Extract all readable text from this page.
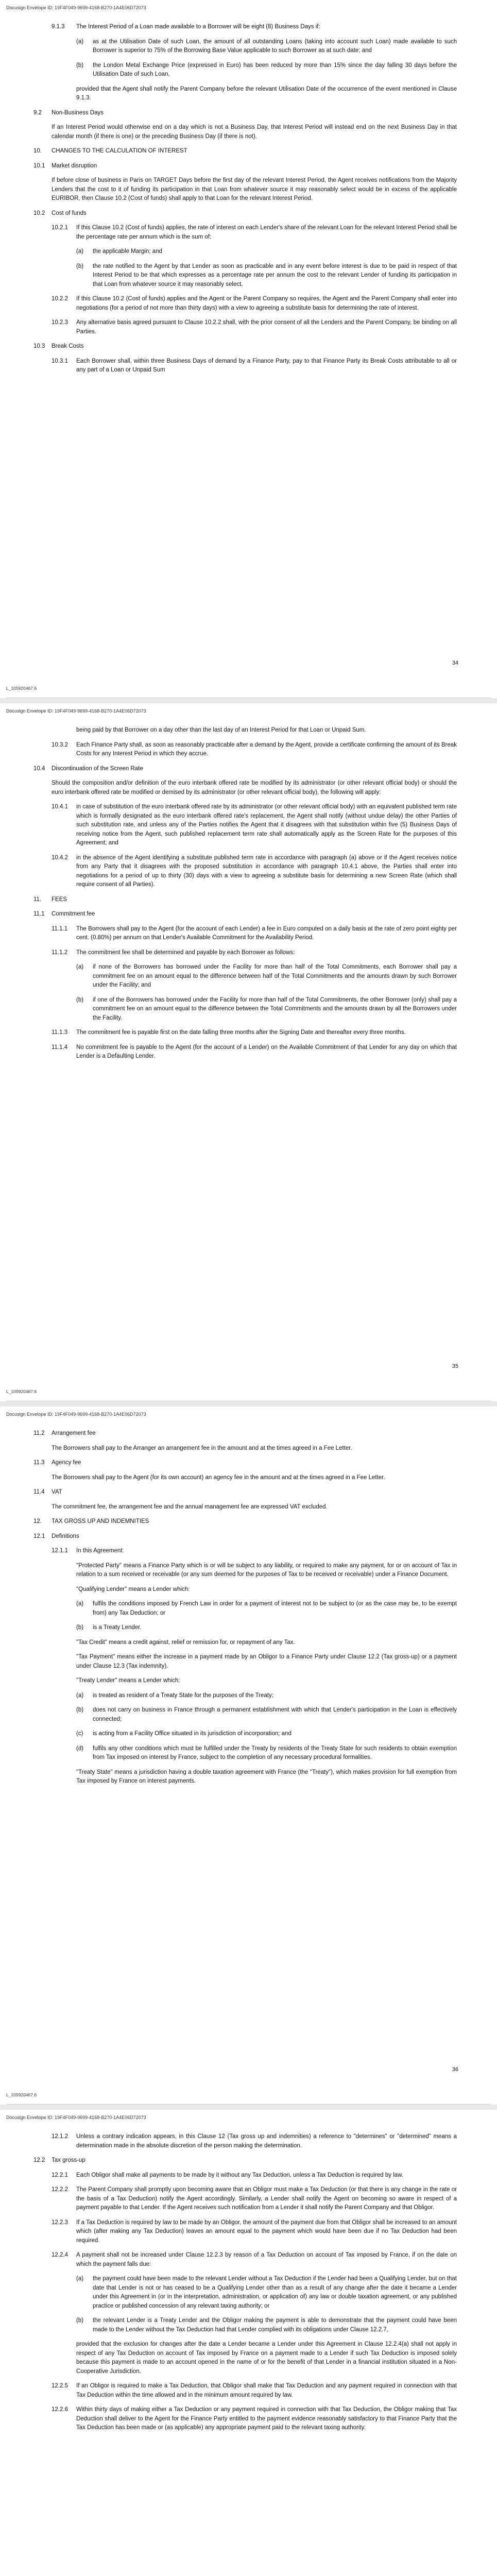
Docusign Envelope ID: 19F4F049-9699-4168-B270-1A4E06D72073
9.1.3 The Interest Period of a Loan made available to a Borrower will be eight (8) Business Days if:
(a) as at the Utilisation Date of such Loan, the amount of all outstanding Loans (taking into account such Loan) made available to such Borrower is superior to 75% of the Borrowing Base Value applicable to such Borrower as at such date; and
(b) the London Metal Exchange Price (expressed in Euro) has been reduced by more than 15% since the day falling 30 days before the Utilisation Date of such Loan,
provided that the Agent shall notify the Parent Company before the relevant Utilisation Date of the occurrence of the event mentioned in Clause 9.1.3.
9.2 Non-Business Days
If an Interest Period would otherwise end on a day which is not a Business Day, that Interest Period will instead end on the next Business Day in that calendar month (if there is one) or the preceding Business Day (if there is not).
10. CHANGES TO THE CALCULATION OF INTEREST
10.1 Market disruption
If before close of business in Paris on TARGET Days before the first day of the relevant Interest Period, the Agent receives notifications from the Majority Lenders that the cost to it of funding its participation in that Loan from whatever source it may reasonably select would be in excess of the applicable EURIBOR, then Clause 10.2 (Cost of funds) shall apply to that Loan for the relevant Interest Period.
10.2 Cost of funds
10.2.1 If this Clause 10.2 (Cost of funds) applies, the rate of interest on each Lender's share of the relevant Loan for the relevant Interest Period shall be the percentage rate per annum which is the sum of:
(a) the applicable Margin; and
(b) the rate notified to the Agent by that Lender as soon as practicable and in any event before interest is due to be paid in respect of that Interest Period to be that which expresses as a percentage rate per annum the cost to the relevant Lender of funding its participation in that Loan from whatever source it may reasonably select.
10.2.2 If this Clause 10.2 (Cost of funds) applies and the Agent or the Parent Company so requires, the Agent and the Parent Company shall enter into negotiations (for a period of not more than thirty days) with a view to agreeing a substitute basis for determining the rate of interest.
10.2.3 Any alternative basis agreed pursuant to Clause 10.2.2 shall, with the prior consent of all the Lenders and the Parent Company, be binding on all Parties.
10.3 Break Costs
10.3.1 Each Borrower shall, within three Business Days of demand by a Finance Party, pay to that Finance Party its Break Costs attributable to all or any part of a Loan or Unpaid Sum
34
L_105920467.6
Docusign Envelope ID: 19F4F049-9699-4168-B270-1A4E06D72073
being paid by that Borrower on a day other than the last day of an Interest Period for that Loan or Unpaid Sum.
10.3.2 Each Finance Party shall, as soon as reasonably practicable after a demand by the Agent, provide a certificate confirming the amount of its Break Costs for any Interest Period in which they accrue.
10.4 Discontinuation of the Screen Rate
Should the composition and/or definition of the euro interbank offered rate be modified by its administrator (or other relevant official body) or should the euro interbank offered rate be modified or demised by its administrator (or other relevant official body), the following will apply:
10.4.1 in case of substitution of the euro interbank offered rate by its administrator (or other relevant official body) with an equivalent published term rate which is formally designated as the euro interbank offered rate's replacement, the Agent shall notify (without undue delay) the other Parties of such substitution rate, and unless any of the Parties notifies the Agent that it disagrees with that substitution within five (5) Business Days of receiving notice from the Agent, such published replacement term rate shall automatically apply as the Screen Rate for the purposes of this Agreement; and
10.4.2 in the absence of the Agent identifying a substitute published term rate in accordance with paragraph (a) above or if the Agent receives notice from any Party that it disagrees with the proposed substitution in accordance with paragraph 10.4.1 above, the Parties shall enter into negotiations for a period of up to thirty (30) days with a view to agreeing a substitute basis for determining a new Screen Rate (which shall require consent of all Parties).
11. FEES
11.1 Commitment fee
11.1.1 The Borrowers shall pay to the Agent (for the account of each Lender) a fee in Euro computed on a daily basis at the rate of zero point eighty per cent. (0.80%) per annum on that Lender's Available Commitment for the Availability Period.
11.1.2 The commitment fee shall be determined and payable by each Borrower as follows:
(a) if none of the Borrowers has borrowed under the Facility for more than half of the Total Commitments, each Borrower shall pay a commitment fee on an amount equal to the difference between half of the Total Commitments and the amounts drawn by such Borrower under the Facility; and
(b) if one of the Borrowers has borrowed under the Facility for more than half of the Total Commitments, the other Borrower (only) shall pay a commitment fee on an amount equal to the difference between the Total Commitments and the amounts drawn by all the Borrowers under the Facility.
11.1.3 The commitment fee is payable first on the date falling three months after the Signing Date and thereafter every three months.
11.1.4 No commitment fee is payable to the Agent (for the account of a Lender) on the Available Commitment of that Lender for any day on which that Lender is a Defaulting Lender.
35
L_105920467.6
Docusign Envelope ID: 19F4F049-9699-4168-B270-1A4E06D72073
11.2 Arrangement fee
The Borrowers shall pay to the Arranger an arrangement fee in the amount and at the times agreed in a Fee Letter.
11.3 Agency fee
The Borrowers shall pay to the Agent (for its own account) an agency fee in the amount and at the times agreed in a Fee Letter.
11.4 VAT
The commitment fee, the arrangement fee and the annual management fee are expressed VAT excluded.
12. TAX GROSS UP AND INDEMNITIES
12.1 Definitions
12.1.1 In this Agreement:
"Protected Party" means a Finance Party which is or will be subject to any liability, or required to make any payment, for or on account of Tax in relation to a sum received or receivable (or any sum deemed for the purposes of Tax to be received or receivable) under a Finance Document.
"Qualifying Lender" means a Lender which:
(a) fulfils the conditions imposed by French Law in order for a payment of interest not to be subject to (or as the case may be, to be exempt from) any Tax Deduction; or
(b) is a Treaty Lender.
"Tax Credit" means a credit against, relief or remission for, or repayment of any Tax.
"Tax Payment" means either the increase in a payment made by an Obligor to a Finance Party under Clause 12.2 (Tax gross-up) or a payment under Clause 12.3 (Tax indemnity).
"Treaty Lender" means a Lender which:
(a) is treated as resident of a Treaty State for the purposes of the Treaty;
(b) does not carry on business in France through a permanent establishment with which that Lender's participation in the Loan is effectively connected;
(c) is acting from a Facility Office situated in its jurisdiction of incorporation; and
(d) fulfils any other conditions which must be fulfilled under the Treaty by residents of the Treaty State for such residents to obtain exemption from Tax imposed on interest by France, subject to the completion of any necessary procedural formalities.
"Treaty State" means a jurisdiction having a double taxation agreement with France (the "Treaty"), which makes provision for full exemption from Tax imposed by France on interest payments.
36
L_105920467.6
Docusign Envelope ID: 19F4F049-9699-4168-B270-1A4E06D72073
12.1.2 Unless a contrary indication appears, in this Clause 12 (Tax gross up and indemnities) a reference to "determines" or "determined" means a determination made in the absolute discretion of the person making the determination.
12.2 Tax gross-up
12.2.1 Each Obligor shall make all payments to be made by it without any Tax Deduction, unless a Tax Deduction is required by law.
12.2.2 The Parent Company shall promptly upon becoming aware that an Obligor must make a Tax Deduction (or that there is any change in the rate or the basis of a Tax Deduction) notify the Agent accordingly. Similarly, a Lender shall notify the Agent on becoming so aware in respect of a payment payable to that Lender. If the Agent receives such notification from a Lender it shall notify the Parent Company and that Obligor.
12.2.3 If a Tax Deduction is required by law to be made by an Obligor, the amount of the payment due from that Obligor shall be increased to an amount which (after making any Tax Deduction) leaves an amount equal to the payment which would have been due if no Tax Deduction had been required.
12.2.4 A payment shall not be increased under Clause 12.2.3 by reason of a Tax Deduction on account of Tax imposed by France, if on the date on which the payment falls due:
(a) the payment could have been made to the relevant Lender without a Tax Deduction if the Lender had been a Qualifying Lender, but on that date that Lender is not or has ceased to be a Qualifying Lender other than as a result of any change after the date it became a Lender under this Agreement in (or in the interpretation, administration, or application of) any law or double taxation agreement, or any published practice or published concession of any relevant taxing authority; or
(b) the relevant Lender is a Treaty Lender and the Obligor making the payment is able to demonstrate that the payment could have been made to the Lender without the Tax Deduction had that Lender complied with its obligations under Clause 12.2.7,
provided that the exclusion for changes after the date a Lender became a Lender under this Agreement in Clause 12.2.4(a) shall not apply in respect of any Tax Deduction on account of Tax imposed by France on a payment made to a Lender if such Tax Deduction is imposed solely because this payment is made to an account opened in the name of or for the benefit of that Lender in a financial institution situated in a Non-Cooperative Jurisdiction.
12.2.5 If an Obligor is required to make a Tax Deduction, that Obligor shall make that Tax Deduction and any payment required in connection with that Tax Deduction within the time allowed and in the minimum amount required by law.
12.2.6 Within thirty days of making either a Tax Deduction or any payment required in connection with that Tax Deduction, the Obligor making that Tax Deduction shall deliver to the Agent for the Finance Party entitled to the payment evidence reasonably satisfactory to that Finance Party that the Tax Deduction has been made or (as applicable) any appropriate payment paid to the relevant taxing authority.
